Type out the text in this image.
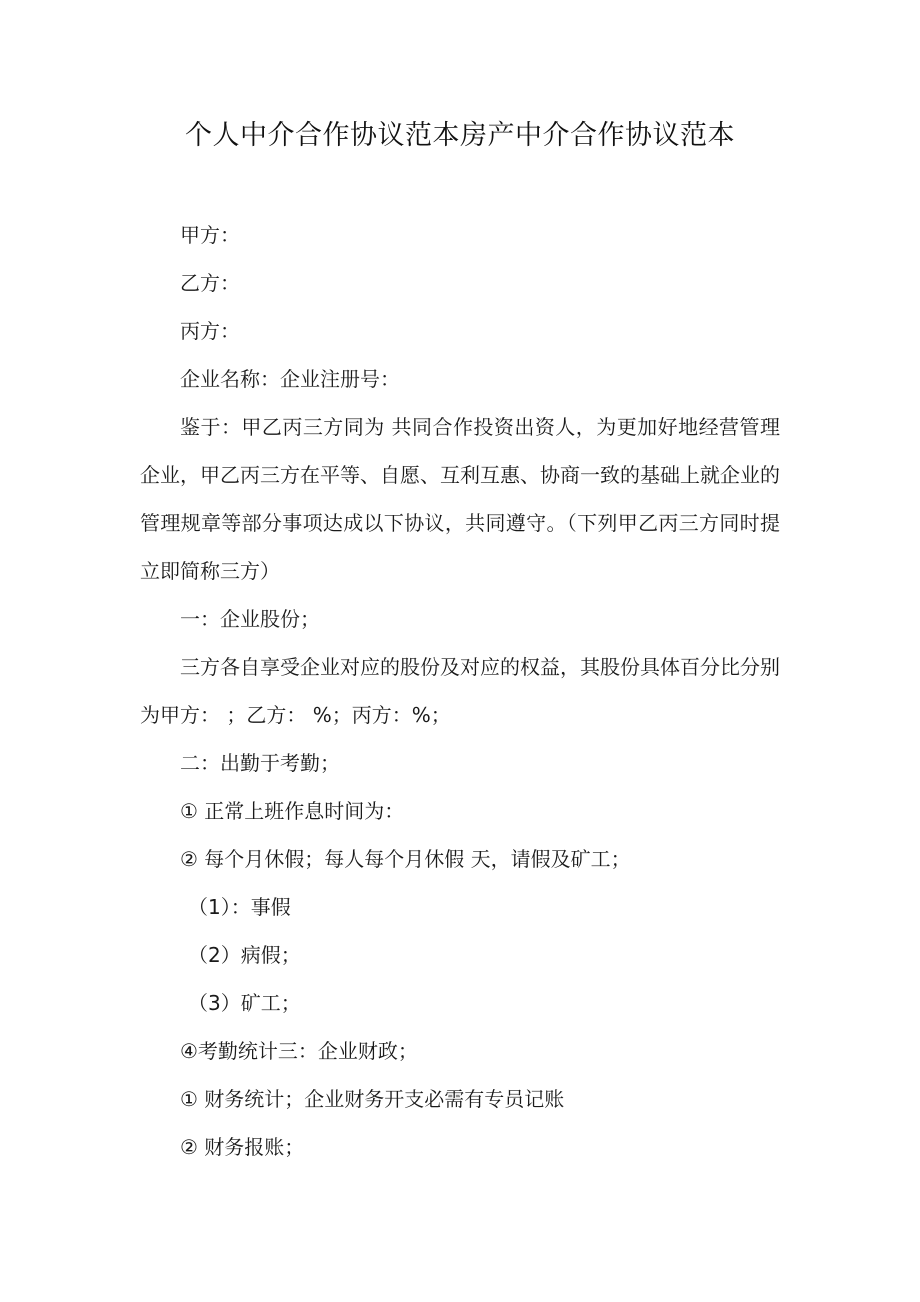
个人中介合作协议范本房产中介合作协议范本

甲方：

乙方：

丙方：

企业名称：企业注册号：

鉴于：甲乙丙三方同为 共同合作投资出资人，为更加好地经营管理企业，甲乙丙三方在平等、自愿、互利互惠、协商一致的基础上就企业的管理规章等部分事项达成以下协议，共同遵守。（下列甲乙丙三方同时提立即简称三方）

一：企业股份；

三方各自享受企业对应的股份及对应的权益，其股份具体百分比分别为甲方： ；乙方： %；丙方：%；

二：出勤于考勤；

① 正常上班作息时间为：

② 每个月休假；每人每个月休假 天，请假及矿工；

（1）：事假

（2）病假；

（3）矿工；

④考勤统计三：企业财政；

① 财务统计；企业财务开支必需有专员记账

② 财务报账；
